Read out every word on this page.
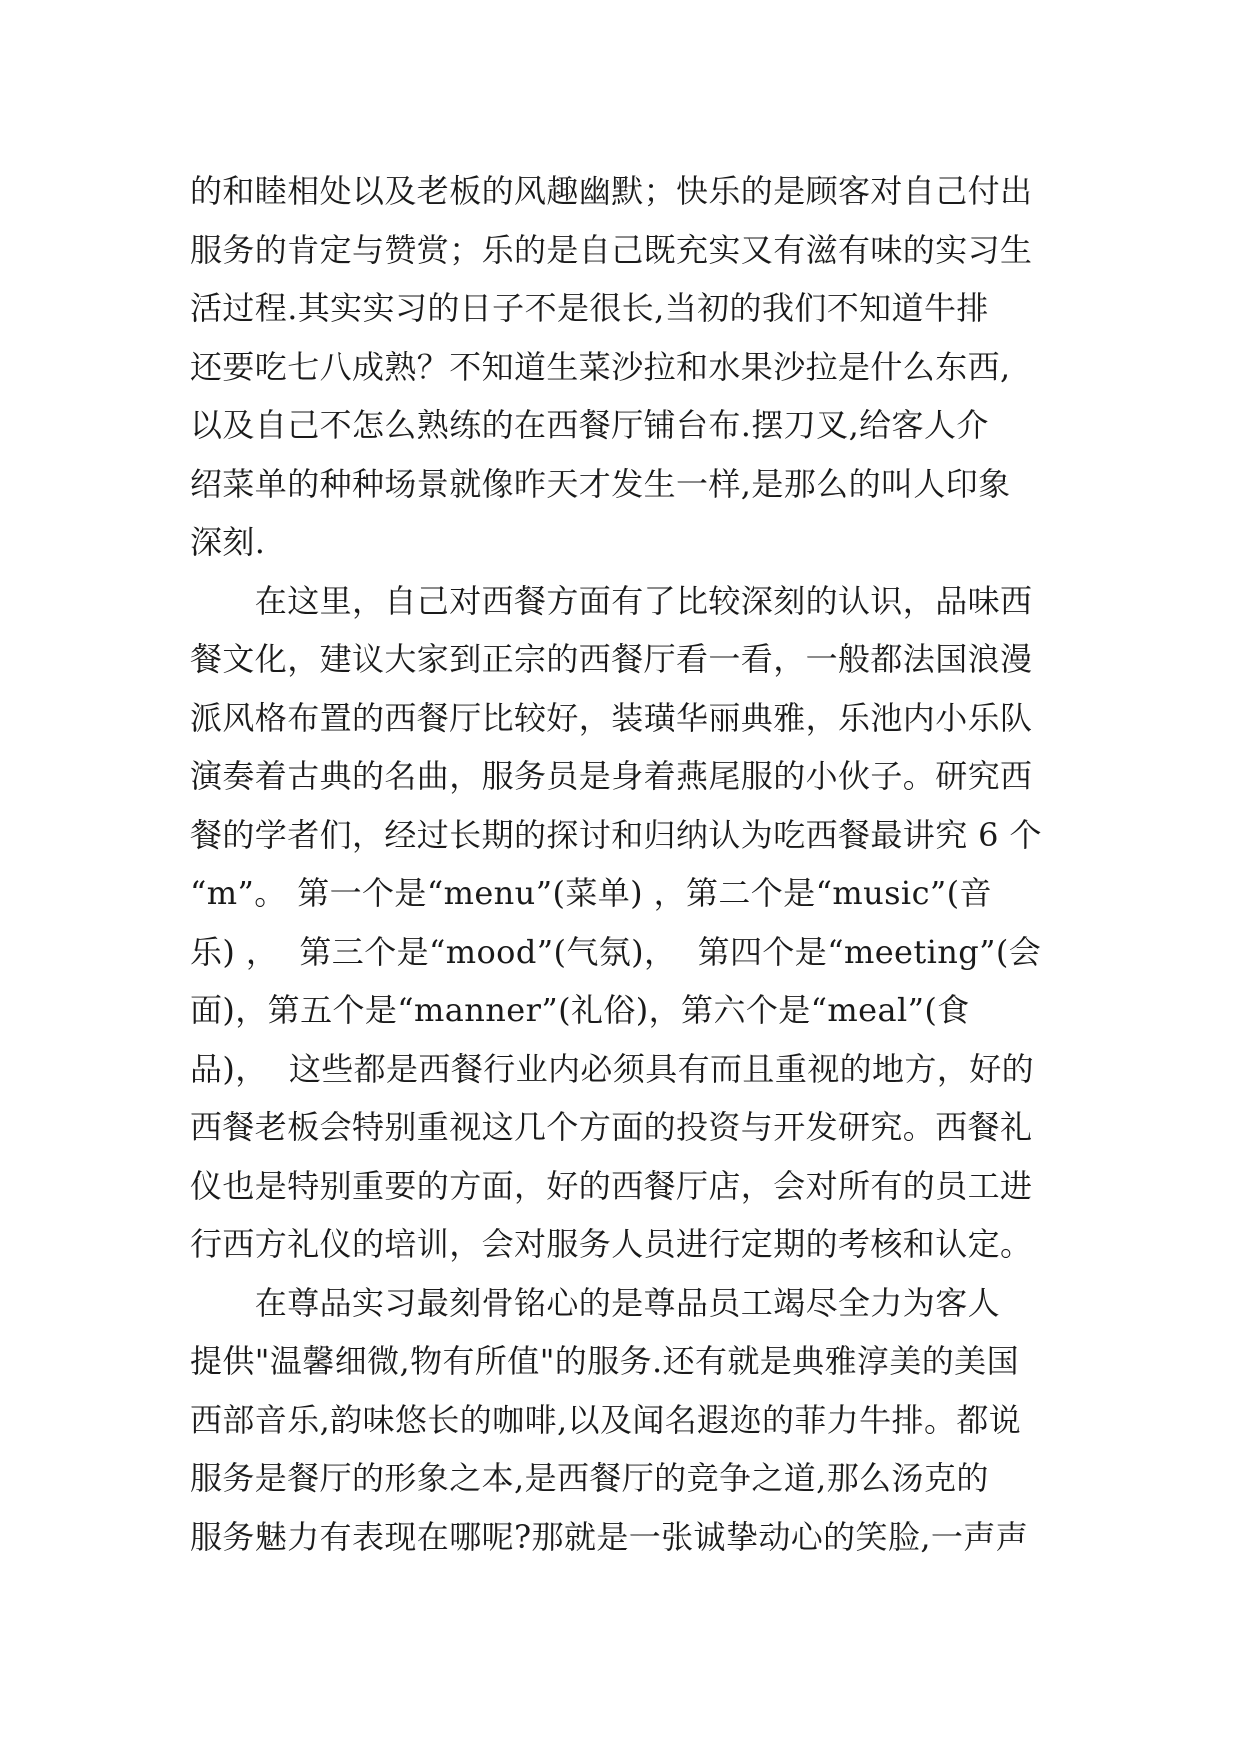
的和睦相处以及老板的风趣幽默；快乐的是顾客对自己付出
服务的肯定与赞赏；乐的是自己既充实又有滋有味的实习生
活过程.其实实习的日子不是很长,当初的我们不知道牛排
还要吃七八成熟？不知道生菜沙拉和水果沙拉是什么东西,
以及自己不怎么熟练的在西餐厅铺台布.摆刀叉,给客人介
绍菜单的种种场景就像昨天才发生一样,是那么的叫人印象
深刻.
　　在这里，自己对西餐方面有了比较深刻的认识，品味西
餐文化，建议大家到正宗的西餐厅看一看，一般都法国浪漫
派风格布置的西餐厅比较好，装璜华丽典雅，乐池内小乐队
演奏着古典的名曲，服务员是身着燕尾服的小伙子。研究西
餐的学者们，经过长期的探讨和归纳认为吃西餐最讲究 6 个
“m”。 第一个是“menu”(菜单) ，第二个是“music”(音
乐) ，  第三个是“mood”(气氛)，  第四个是“meeting”(会
面)，第五个是“manner”(礼俗)，第六个是“meal”(食
品)，  这些都是西餐行业内必须具有而且重视的地方，好的
西餐老板会特别重视这几个方面的投资与开发研究。西餐礼
仪也是特别重要的方面，好的西餐厅店，会对所有的员工进
行西方礼仪的培训，会对服务人员进行定期的考核和认定。
　　在尊品实习最刻骨铭心的是尊品员工竭尽全力为客人
提供"温馨细微,物有所值"的服务.还有就是典雅淳美的美国
西部音乐,韵味悠长的咖啡,以及闻名遐迩的菲力牛排。都说
服务是餐厅的形象之本,是西餐厅的竞争之道,那么汤克的
服务魅力有表现在哪呢?那就是一张诚挚动心的笑脸,一声声
